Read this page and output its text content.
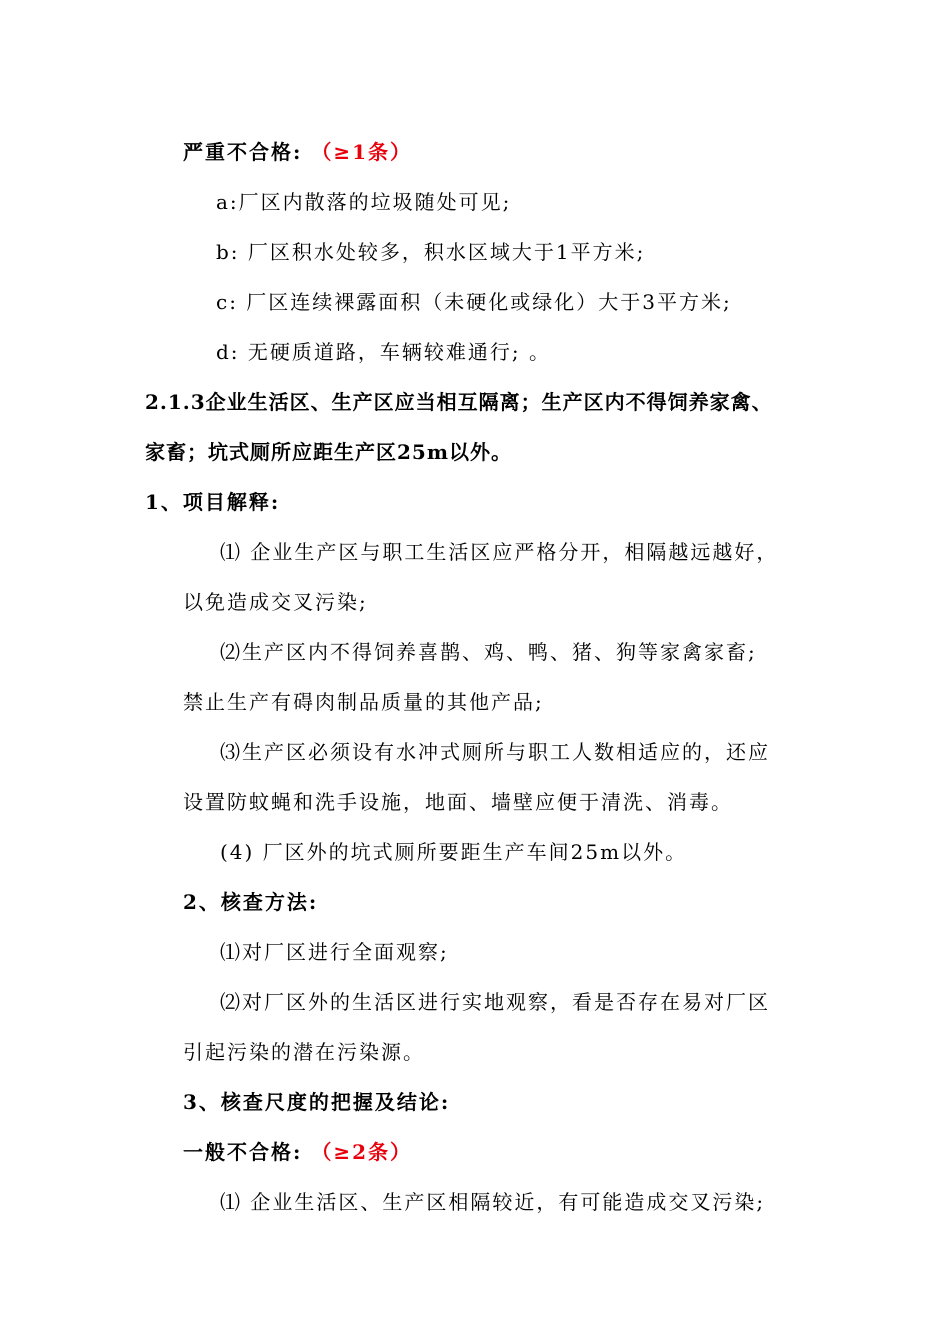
严重不合格: （≥1条）
a:厂区内散落的垃圾随处可见;
b: 厂区积水处较多，积水区域大于1平方米;
c: 厂区连续裸露面积（未硬化或绿化）大于3平方米;
d: 无硬质道路，车辆较难通行; 。
2.1.3企业生活区、生产区应当相互隔离；生产区内不得饲养家禽、
家畜；坑式厕所应距生产区25m以外。
1、项目解释:
⑴ 企业生产区与职工生活区应严格分开，相隔越远越好，
以免造成交叉污染;
⑵生产区内不得饲养喜鹊、鸡、鸭、猪、狗等家禽家畜;
禁止生产有碍肉制品质量的其他产品;
⑶生产区必须设有水冲式厕所与职工人数相适应的，还应
设置防蚊蝇和洗手设施，地面、墙壁应便于清洗、消毒。
(4) 厂区外的坑式厕所要距生产车间25m以外。
2、核查方法:
⑴对厂区进行全面观察;
⑵对厂区外的生活区进行实地观察，看是否存在易对厂区
引起污染的潜在污染源。
3、核查尺度的把握及结论:
一般不合格: （≥2条）
⑴ 企业生活区、生产区相隔较近，有可能造成交叉污染;
